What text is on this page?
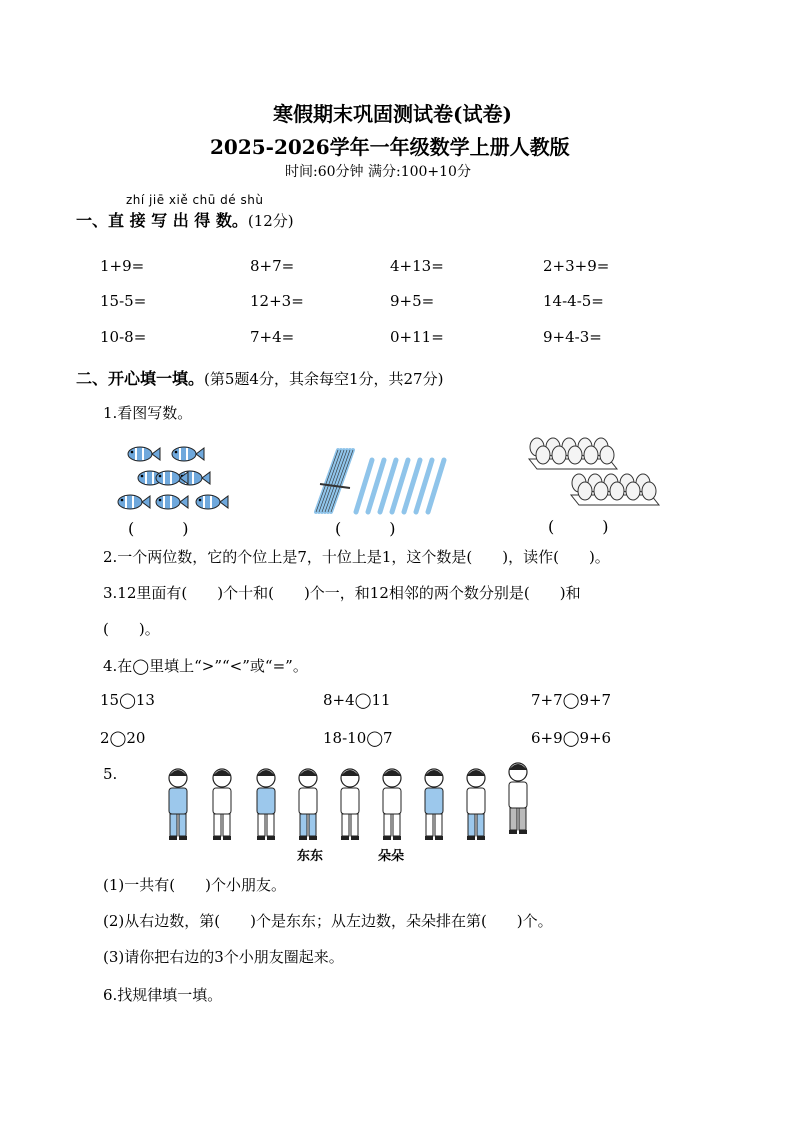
寒假期末巩固测试卷(试卷)
2025-2026学年一年级数学上册人教版
时间:60分钟 满分:100+10分
zhí jiē xiě chū dé shù
一、直 接 写 出 得 数。(12分)
1+9=	8+7=	4+13=	2+3+9=
15-5=	12+3=	9+5=	14-4-5=
10-8=	7+4=	0+11=	9+4-3=
二、开心填一填。(第5题4分，其余每空1分，共27分)
1.看图写数。
(　　　)	(　　　)	(　　　)
2.一个两位数，它的个位上是7，十位上是1，这个数是(　　)，读作(　　)。
3.12里面有(　　)个十和(　　)个一，和12相邻的两个数分别是(　　)和
(　　)。
4.在◯里填上“>”“<”或“=”。
15◯13	8+4◯11	7+7◯9+7
2◯20	18-10◯7	6+9◯9+6
5.
东东	朵朵
(1)一共有(　　)个小朋友。
(2)从右边数，第(　　)个是东东；从左边数，朵朵排在第(　　)个。
(3)请你把右边的3个小朋友圈起来。
6.找规律填一填。
